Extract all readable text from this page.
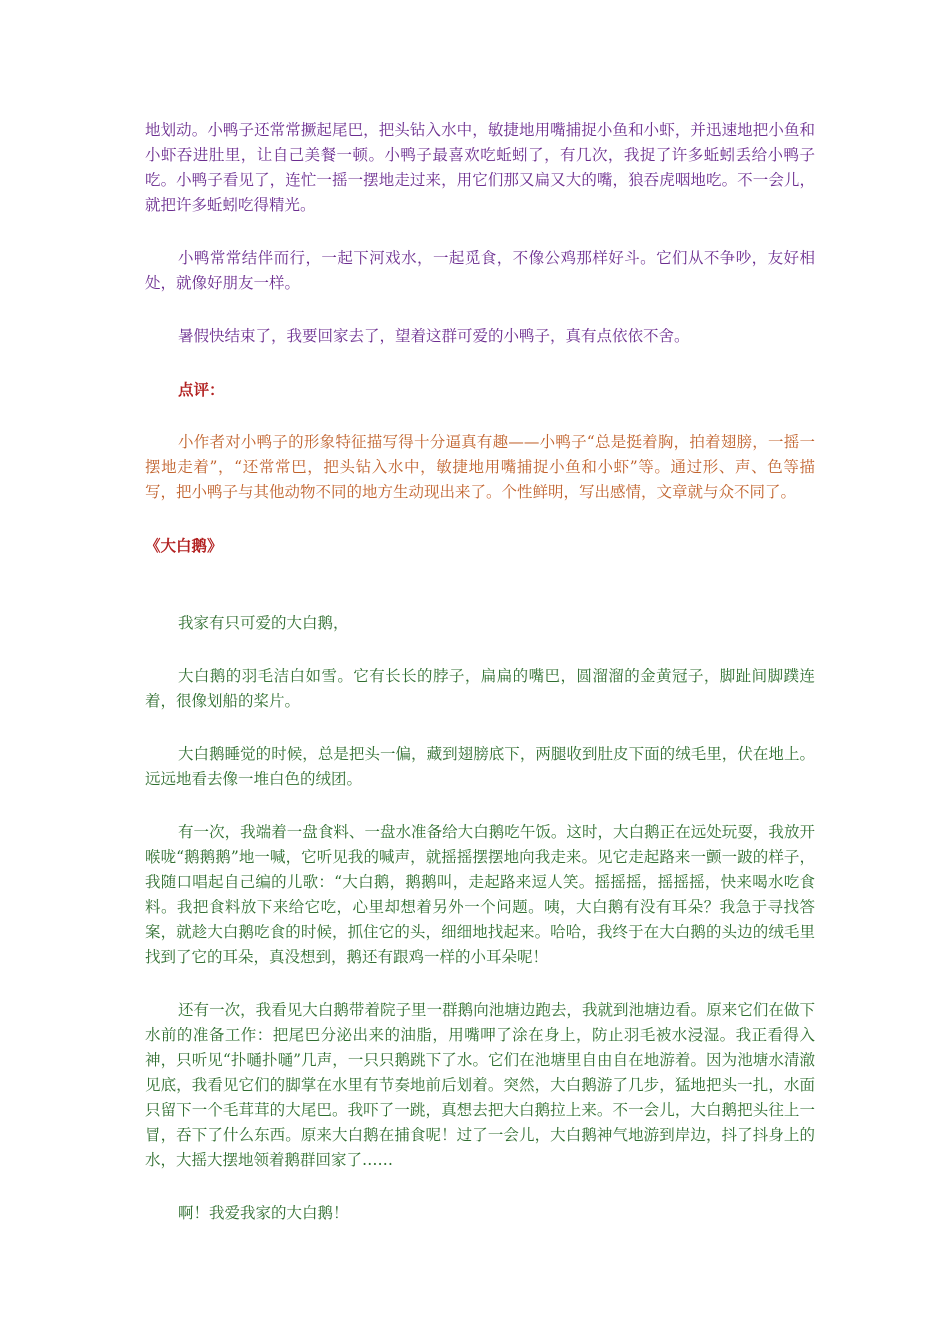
地划动。小鸭子还常常撅起尾巴，把头钻入水中，敏捷地用嘴捕捉小鱼和小虾，并迅速地把小鱼和小虾吞进肚里，让自己美餐一顿。小鸭子最喜欢吃蚯蚓了，有几次，我捉了许多蚯蚓丢给小鸭子吃。小鸭子看见了，连忙一摇一摆地走过来，用它们那又扁又大的嘴，狼吞虎咽地吃。不一会儿，就把许多蚯蚓吃得精光。

小鸭常常结伴而行，一起下河戏水，一起觅食，不像公鸡那样好斗。它们从不争吵，友好相处，就像好朋友一样。

暑假快结束了，我要回家去了，望着这群可爱的小鸭子，真有点依依不舍。

点评：

小作者对小鸭子的形象特征描写得十分逼真有趣——小鸭子“总是挺着胸，拍着翅膀，一摇一摆地走着”，“还常常巴，把头钻入水中，敏捷地用嘴捕捉小鱼和小虾”等。通过形、声、色等描写，把小鸭子与其他动物不同的地方生动现出来了。个性鲜明，写出感情，文章就与众不同了。

《大白鹅》

我家有只可爱的大白鹅，

大白鹅的羽毛洁白如雪。它有长长的脖子，扁扁的嘴巴，圆溜溜的金黄冠子，脚趾间脚蹼连着，很像划船的桨片。

大白鹅睡觉的时候，总是把头一偏，藏到翅膀底下，两腿收到肚皮下面的绒毛里，伏在地上。远远地看去像一堆白色的绒团。

有一次，我端着一盘食料、一盘水准备给大白鹅吃午饭。这时，大白鹅正在远处玩耍，我放开喉咙“鹅鹅鹅”地一喊，它听见我的喊声，就摇摇摆摆地向我走来。见它走起路来一颤一跛的样子，我随口唱起自己编的儿歌：“大白鹅，鹅鹅叫，走起路来逗人笑。摇摇摇，摇摇摇，快来喝水吃食料。我把食料放下来给它吃，心里却想着另外一个问题。咦，大白鹅有没有耳朵？我急于寻找答案，就趁大白鹅吃食的时候，抓住它的头，细细地找起来。哈哈，我终于在大白鹅的头边的绒毛里找到了它的耳朵，真没想到，鹅还有跟鸡一样的小耳朵呢！

还有一次，我看见大白鹅带着院子里一群鹅向池塘边跑去，我就到池塘边看。原来它们在做下水前的准备工作：把尾巴分泌出来的油脂，用嘴呷了涂在身上，防止羽毛被水浸湿。我正看得入神，只听见“扑嗵扑嗵”几声，一只只鹅跳下了水。它们在池塘里自由自在地游着。因为池塘水清澈见底，我看见它们的脚掌在水里有节奏地前后划着。突然，大白鹅游了几步，猛地把头一扎，水面只留下一个毛茸茸的大尾巴。我吓了一跳，真想去把大白鹅拉上来。不一会儿，大白鹅把头往上一冒，吞下了什么东西。原来大白鹅在捕食呢！过了一会儿，大白鹅神气地游到岸边，抖了抖身上的水，大摇大摆地领着鹅群回家了……

啊！我爱我家的大白鹅！
